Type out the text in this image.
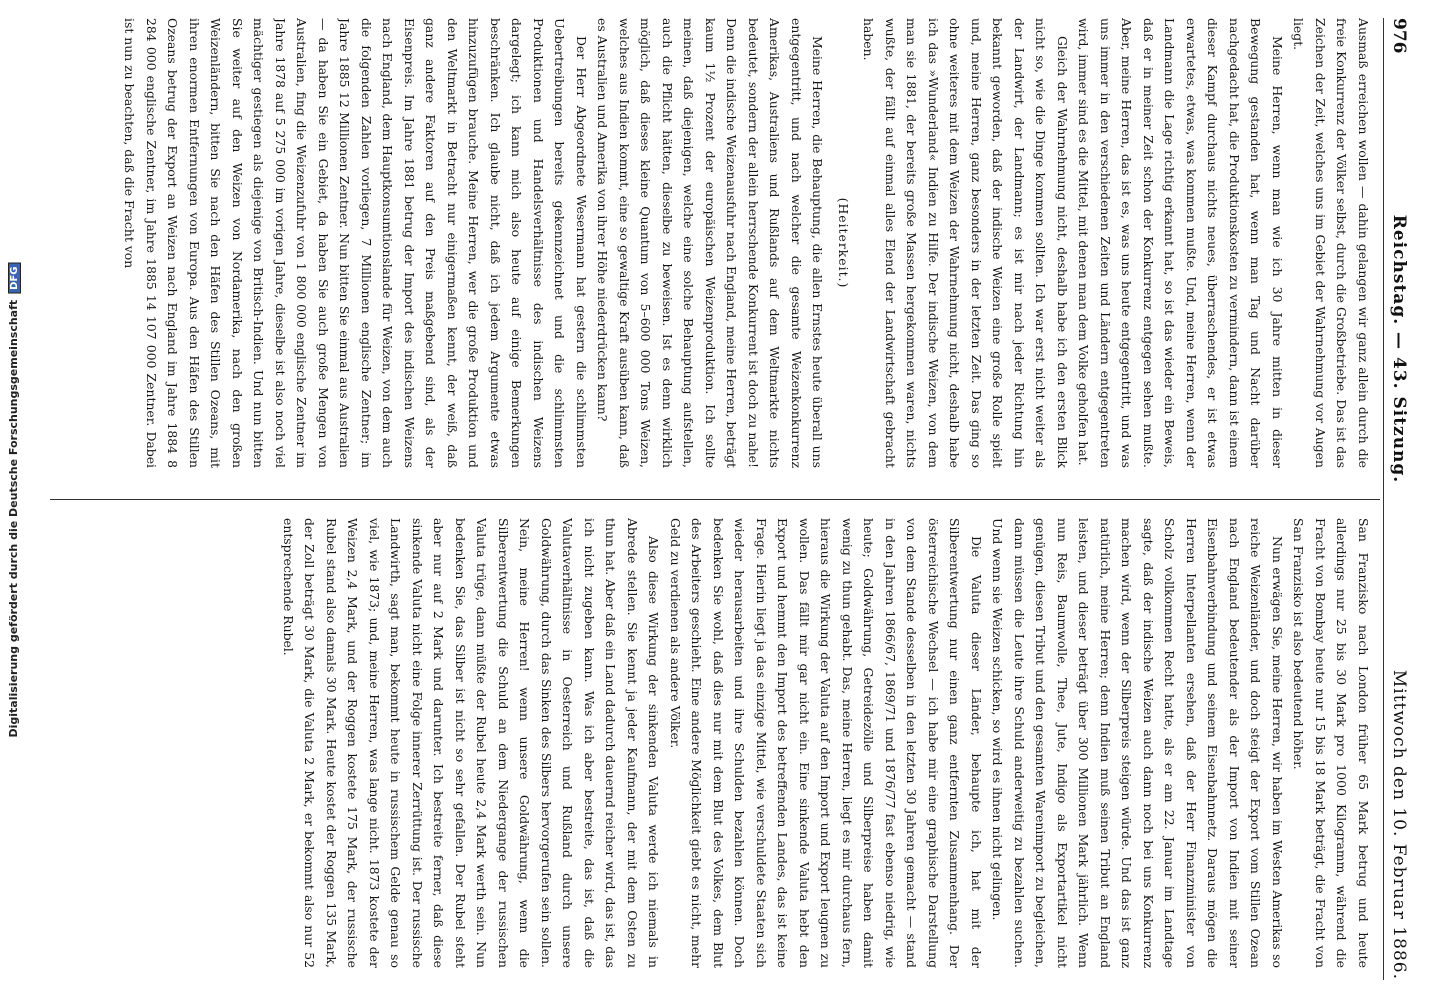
Digitalisierung gefördert durch die Deutsche ForschungsgemeinschaftDFG
976
Reichstag. — 43. Sitzung.
Mittwoch den 10. Februar 1886.

Ausmaß erreichen wollen — dahin gelangen wir ganz allein durch die freie Konkurrenz der Völker selbst, durch die Großbetriebe. Das ist das Zeichen der Zeit, welches uns im Gebiet der Wahrnehmung vor Augen liegt.

Meine Herren, wenn man wie ich 30 Jahre mitten in dieser Bewegung gestanden hat, wenn man Tag und Nacht darüber nachgedacht hat, die Produktionskosten zu vermindern, dann ist einem dieser Kampf durchaus nichts neues, überraschendes, er ist etwas erwartetes, etwas, was kommen mußte. Und, meine Herren, wenn der Landmann die Lage richtig erkannt hat, so ist das wieder ein Beweis, daß er in meiner Zeit schon der Konkurrenz entgegen sehen mußte. Aber, meine Herren, das ist es, was uns heute entgegentritt, und was uns immer in den verschiedenen Zeiten und Ländern entgegentreten wird, immer sind es die Mittel, mit denen man dem Volke geholfen hat.

Gleich der Wahrnehmung nicht, deshalb habe ich den ersten Blick nicht so, wie die Dinge kommen sollten. Ich war erst nicht weiter als der Landwirt, der Landmann; es ist mir nach jeder Richtung hin bekannt geworden, daß der indische Weizen eine große Rolle spielt und, meine Herren, ganz besonders in der letzten Zeit. Das ging so ohne weiteres mit dem Weizen der Wahrnehmung nicht, deshalb habe ich das »Wunderland« Indien zu Hilfe. Der indische Weizen, von dem man sie 1881, der bereits große Massen hergekommen waren, nichts wußte, der fällt auf einmal alles Elend der Landwirtschaft gebracht haben.

(Heiterkeit.)

Meine Herren, die Behauptung, die allen Ernstes heute überall uns entgegentritt, und nach welcher die gesamte Weizenkonkurrenz Amerikas, Australiens und Rußlands auf dem Weltmarkte nichts bedeutet, sondern der allein herrschende Konkurrent ist doch zu nahe! Denn die indische Weizenausfuhr nach England, meine Herren, beträgt kaum 1½ Prozent der europäischen Weizenproduktion. Ich sollte meinen, daß diejenigen, welche eine solche Behauptung aufstellen, auch die Pflicht hätten, dieselbe zu beweisen. Ist es denn wirklich möglich, daß dieses kleine Quantum von 5–600 000 Tons Weizen, welches aus Indien kommt, eine so gewaltige Kraft ausüben kann, daß es Australien und Amerika von ihrer Höhe niederdrücken kann?

Der Herr Abgeordnete Wesermann hat gestern die schlimmsten Uebertreibungen bereits gekennzeichnet und die schlimmsten Produktionen und Handelsverhältnisse des indischen Weizens dargelegt; ich kann mich also heute auf einige Bemerkungen beschränken. Ich glaube nicht, daß ich jedem Argumente etwas hinzuzufügen brauche. Meine Herren, wer die große Produktion und den Weltmarkt in Betracht nur einigermaßen kennt, der weiß, daß ganz andere Faktoren auf den Preis maßgebend sind, als der Eisenpreis. Im Jahre 1881 betrug der Import des indischen Weizens nach England, dem Hauptkonsumtionslande für Weizen, von dem auch die folgenden Zahlen vorliegen, 7 Millionen englische Zentner; im Jahre 1885 12 Millionen Zentner. Nun bitten Sie einmal aus Australien — da haben Sie ein Gebiet, da haben Sie auch große Mengen von Australien, fing die Weizenzufuhr von 1 800 000 englische Zentner im Jahre 1878 auf 5 275 000 im vorigen Jahre, dieselbe ist also noch viel mächtiger gestiegen als diejenige von Britisch-Indien. Und nun bitten Sie weiter auf den Weizen von Nordamerika, nach den großen Weizenländern, bitten Sie nach den Häfen des Stillen Ozeans, mit ihren enormen Entfernungen von Europa. Aus den Häfen des Stillen Ozeans betrug der Export an Weizen nach England im Jahre 1884 8 284 000 englische Zentner, im Jahre 1885 14 107 000 Zentner. Dabei ist nun zu beachten, daß die Fracht von

San Franzisko nach London früher 65 Mark betrug und heute allerdings nur 25 bis 30 Mark pro 1000 Kilogramm, während die Fracht von Bombay heute nur 15 bis 18 Mark beträgt, die Fracht von San Franzisko ist also bedeutend höher.

Nun erwägen Sie, meine Herren, wir haben im Westen Amerikas so reiche Weizenländer, und doch steigt der Export vom Stillen Ozean nach England bedeutender als der Import von Indien mit seiner Eisenbahnverbindung und seinem Eisenbahnnetz. Daraus mögen die Herren Interpellanten ersehen, daß der Herr Finanzminister von Scholz vollkommen Recht hatte, als er am 22. Januar im Landtage sagte, daß der indische Weizen auch dann noch bei uns Konkurrenz machen wird, wenn der Silberpreis steigen würde. Und das ist ganz natürlich, meine Herren; denn Indien muß seinen Tribut an England leisten, und dieser beträgt über 300 Millionen Mark jährlich. Wenn nun Reis, Baumwolle, Thee, Jute, Indigo als Exportartikel nicht genügen, diesen Tribut und den gesamten Warenimport zu begleichen, dann müssen die Leute ihre Schuld anderweitig zu bezahlen suchen. Und wenn sie Weizen schicken, so wird es ihnen nicht gelingen.

Die Valuta dieser Länder, behaupte ich, hat mit der Silberentwertung nur einen ganz entfernten Zusammenhang. Der österreichische Wechsel — ich habe mir eine graphische Darstellung von dem Stande desselben in den letzten 30 Jahren gemacht — stand in den Jahren 1866/67, 1869/71 und 1876/77 fast ebenso niedrig, wie heute; Goldwährung, Getreidezölle und Silberpreise haben damit wenig zu thun gehabt. Das, meine Herren, liegt es mir durchaus fern, hieraus die Wirkung der Valuta auf den Import und Export leugnen zu wollen. Das fällt mir gar nicht ein. Eine sinkende Valuta hebt den Export und hemmt den Import des betreffenden Landes, das ist keine Frage. Hierin liegt ja das einzige Mittel, wie verschuldete Staaten sich wieder herausarbeiten und ihre Schulden bezahlen können. Doch bedenken Sie wohl, daß dies nur mit dem Blut des Volkes, dem Blut des Arbeiters geschieht. Eine andere Möglichkeit giebt es nicht, mehr Geld zu verdienen als andere Völker.

Also diese Wirkung der sinkenden Valuta werde ich niemals in Abrede stellen. Sie kennt ja jeder Kaufmann, der mit dem Osten zu thun hat. Aber daß ein Land dadurch dauernd reicher wird, das ist, das ich nicht zugeben kann. Was ich aber bestreite, das ist, daß die Valutaverhältnisse in Oesterreich und Rußland durch unsere Goldwährung, durch das Sinken des Silbers hervorgerufen sein sollen. Nein, meine Herren! wenn unsere Goldwährung, wenn die Silberentwertung die Schuld an dem Niedergange der russischen Valuta trüge, dann müßte der Rubel heute 2,4 Mark werth sein. Nun bedenken Sie, das Silber ist nicht so sehr gefallen. Der Rubel steht aber nur auf 2 Mark und darunter. Ich bestreite ferner, daß diese sinkende Valuta nicht eine Folge innerer Zerrüttung ist. Der russische Landwirth, sagt man, bekommt heute in russischem Gelde genau so viel, wie 1873; und, meine Herren, was lange nicht. 1873 kostete der Weizen 2,4 Mark, und der Roggen kostete 175 Mark, der russische Rubel stand also damals 30 Mark. Heute kostet der Roggen 135 Mark, der Zoll beträgt 30 Mark, die Valuta 2 Mark, er bekommt also nur 52 entsprechende Rubel.
